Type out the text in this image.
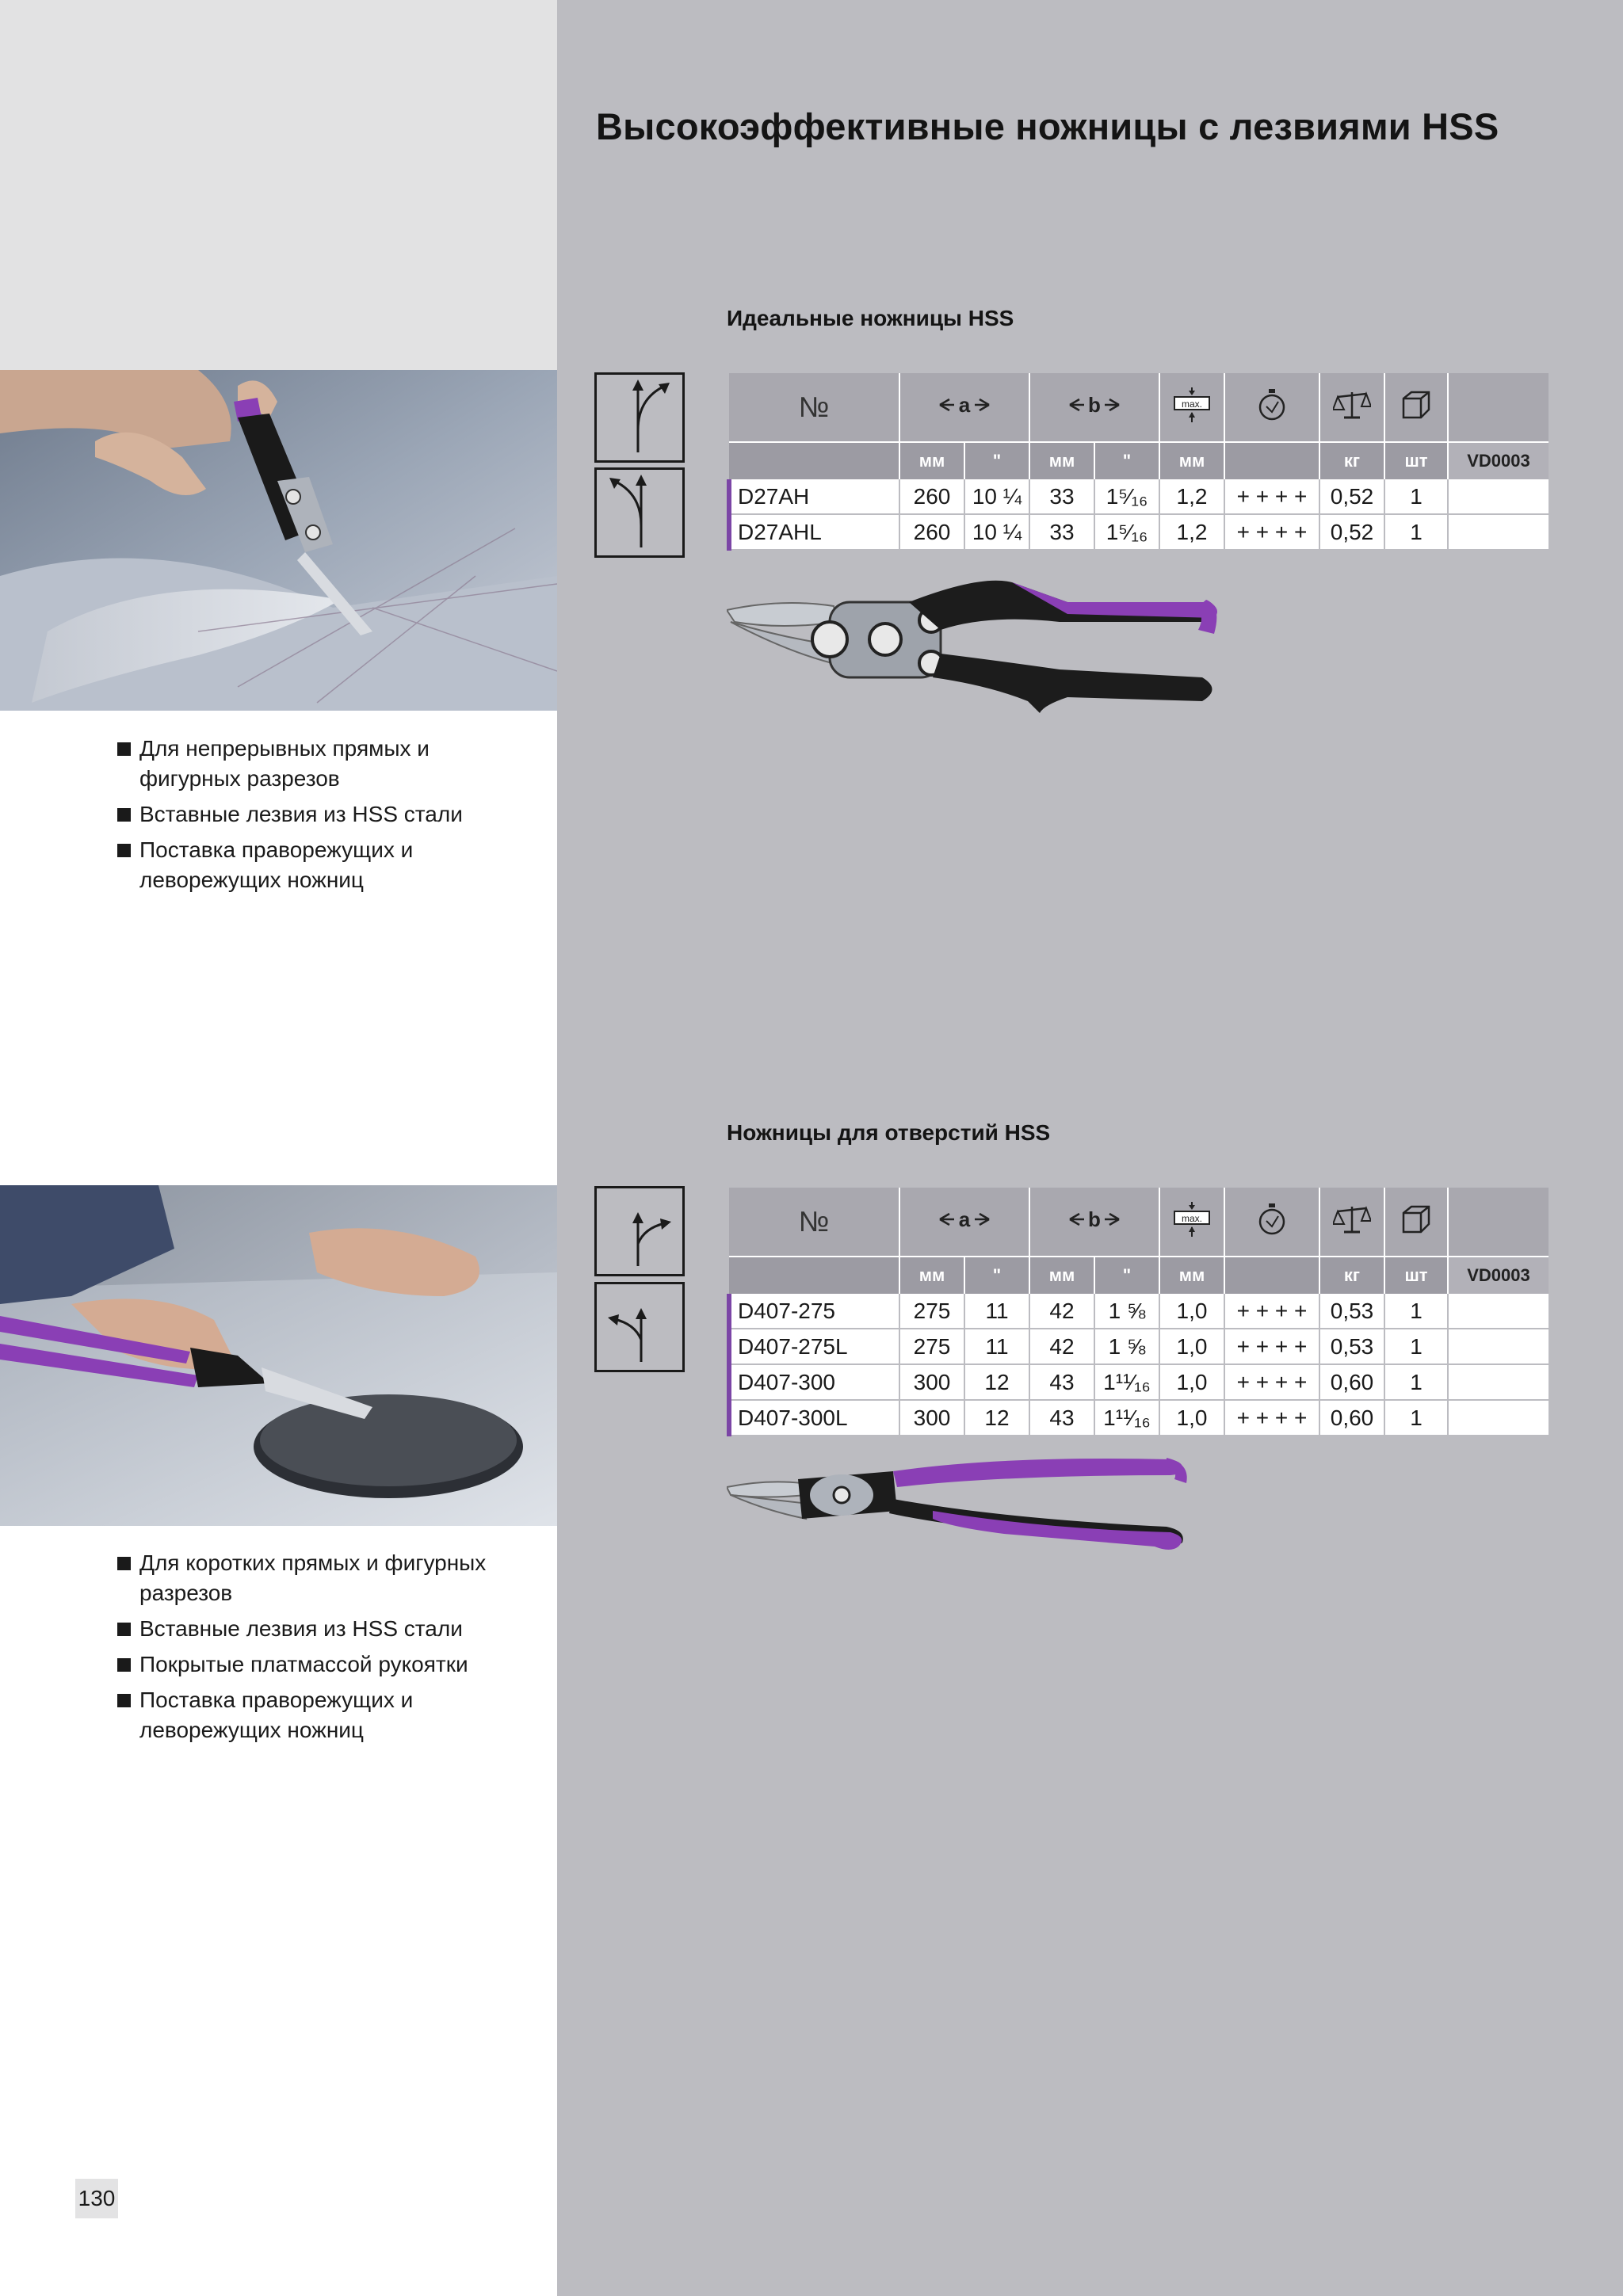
Высокоэффективные ножницы с лезвиями HSS
Идеальные ножницы HSS
Для непрерывных прямых и фигурных разрезов
Вставные лезвия из HSS стали
Поставка праворежущих и леворежущих ножниц
№	a		b		max.

	мм	"	мм	"	мм		кг	шт	VD0003
D27AH	260	10 ¼	33	1⁵⁄₁₆	1,2	+ + + +	0,52	1	
D27AHL	260	10 ¼	33	1⁵⁄₁₆	1,2	+ + + +	0,52	1	
Ножницы для отверстий HSS
Для коротких прямых и фигурных разрезов
Вставные лезвия из HSS стали
Покрытые платмассой рукоятки
Поставка праворежущих и леворежущих ножниц
№	a		b		max.

	мм	"	мм	"	мм		кг	шт	VD0003
D407-275	275	11	42	1 ⅝	1,0	+ + + +	0,53	1	
D407-275L	275	11	42	1 ⅝	1,0	+ + + +	0,53	1	
D407-300	300	12	43	1¹¹⁄₁₆	1,0	+ + + +	0,60	1	
D407-300L	300	12	43	1¹¹⁄₁₆	1,0	+ + + +	0,60	1	
130
